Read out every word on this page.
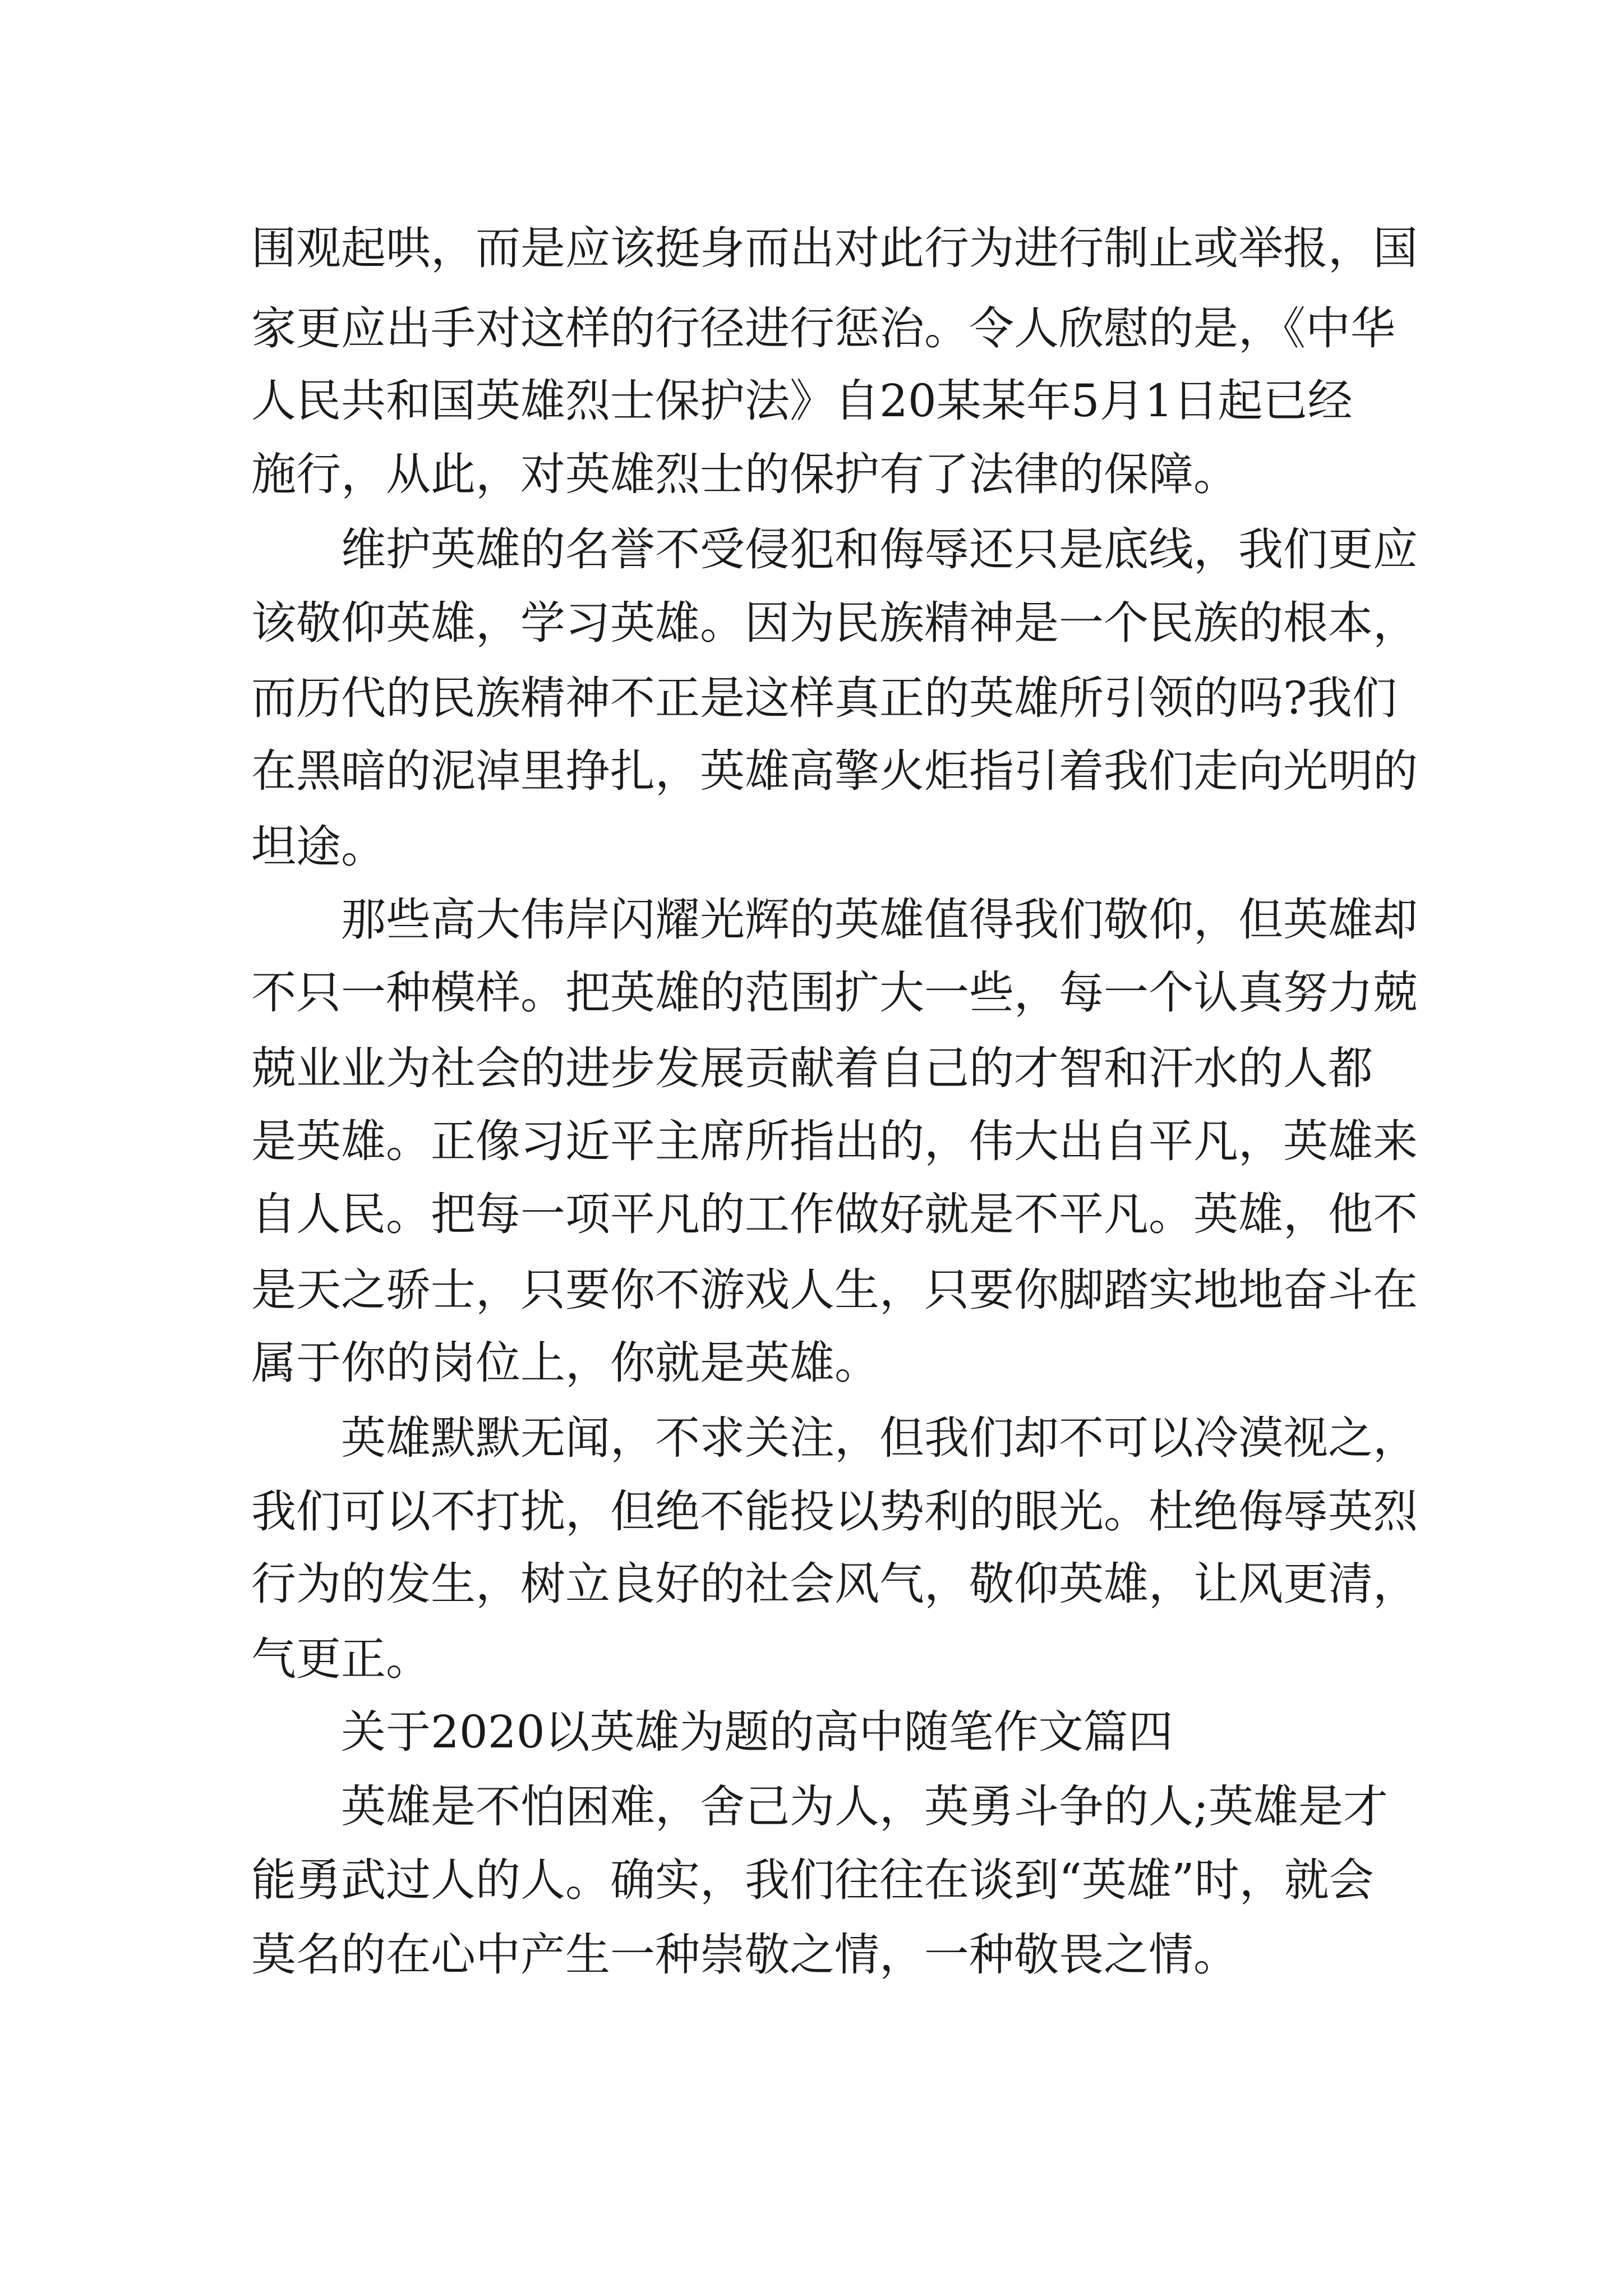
围观起哄，而是应该挺身而出对此行为进行制止或举报，国

家更应出手对这样的行径进行惩治。令人欣慰的是，《中华

人民共和国英雄烈士保护法》自20某某年5月1日起已经

施行，从此，对英雄烈士的保护有了法律的保障。

维护英雄的名誉不受侵犯和侮辱还只是底线，我们更应

该敬仰英雄，学习英雄。因为民族精神是一个民族的根本，

而历代的民族精神不正是这样真正的英雄所引领的吗?我们

在黑暗的泥淖里挣扎，英雄高擎火炬指引着我们走向光明的

坦途。

那些高大伟岸闪耀光辉的英雄值得我们敬仰，但英雄却

不只一种模样。把英雄的范围扩大一些，每一个认真努力兢

兢业业为社会的进步发展贡献着自己的才智和汗水的人都

是英雄。正像习近平主席所指出的，伟大出自平凡，英雄来

自人民。把每一项平凡的工作做好就是不平凡。英雄，他不

是天之骄士，只要你不游戏人生，只要你脚踏实地地奋斗在

属于你的岗位上，你就是英雄。

英雄默默无闻，不求关注，但我们却不可以冷漠视之，

我们可以不打扰，但绝不能投以势利的眼光。杜绝侮辱英烈

行为的发生，树立良好的社会风气，敬仰英雄，让风更清，

气更正。

关于2020以英雄为题的高中随笔作文篇四

英雄是不怕困难，舍己为人，英勇斗争的人;英雄是才

能勇武过人的人。确实，我们往往在谈到“英雄”时，就会

莫名的在心中产生一种崇敬之情，一种敬畏之情。
